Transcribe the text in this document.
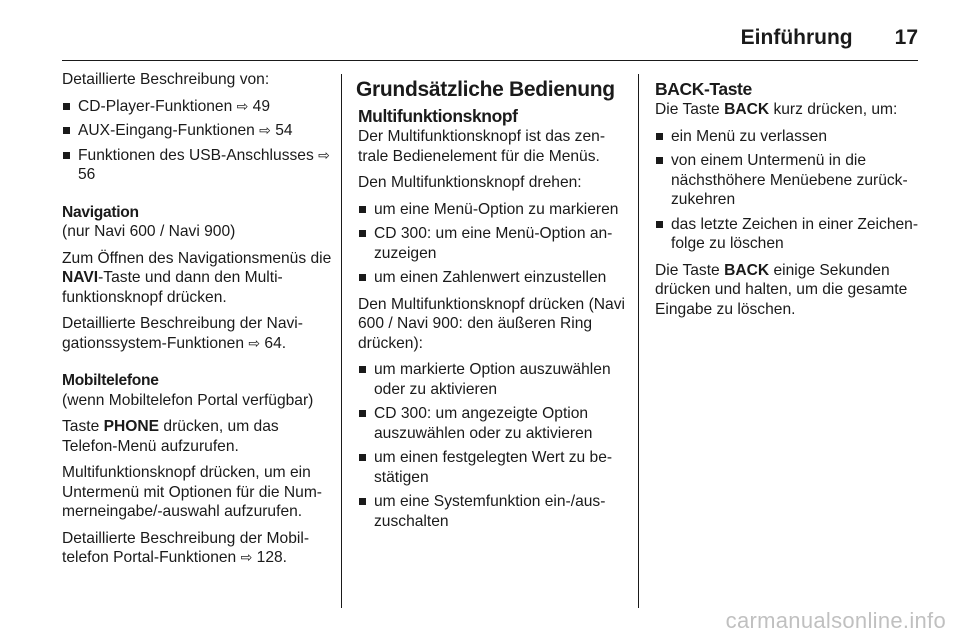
Einführung 17

Detaillierte Beschreibung von:

CD-Player-Funktionen ⇨ 49
AUX-Eingang-Funktionen ⇨ 54
Funktionen des USB-Anschlusses ⇨ 56
Navigation

(nur Navi 600 / Navi 900)

Zum Öffnen des Navigationsmenüs die NAVI-Taste und dann den Multi-funktionsknopf drücken.

Detaillierte Beschreibung der Navi-gationssystem-Funktionen ⇨ 64.

Mobiltelefone

(wenn Mobiltelefon Portal verfügbar)

Taste PHONE drücken, um das Telefon-Menü aufzurufen.

Multifunktionsknopf drücken, um ein Untermenü mit Optionen für die Num-merneingabe/-auswahl aufzurufen.

Detaillierte Beschreibung der Mobil-telefon Portal-Funktionen ⇨ 128.

Grundsätzliche Bedienung
Multifunktionsknopf

Der Multifunktionsknopf ist das zen-trale Bedienelement für die Menüs.

Den Multifunktionsknopf drehen:

um eine Menü-Option zu markieren
CD 300: um eine Menü-Option an-zuzeigen
um einen Zahlenwert einzustellen

Den Multifunktionsknopf drücken (Navi 600 / Navi 900: den äußeren Ring drücken):

um markierte Option auszuwählen oder zu aktivieren
CD 300: um angezeigte Option auszuwählen oder zu aktivieren
um einen festgelegten Wert zu be-stätigen
um eine Systemfunktion ein-/aus-zuschalten
BACK-Taste

Die Taste BACK kurz drücken, um:

ein Menü zu verlassen
von einem Untermenü in die nächsthöhere Menüebene zurück-zukehren
das letzte Zeichen in einer Zeichen-folge zu löschen

Die Taste BACK einige Sekunden drücken und halten, um die gesamte Eingabe zu löschen.

carmanualsonline.info
